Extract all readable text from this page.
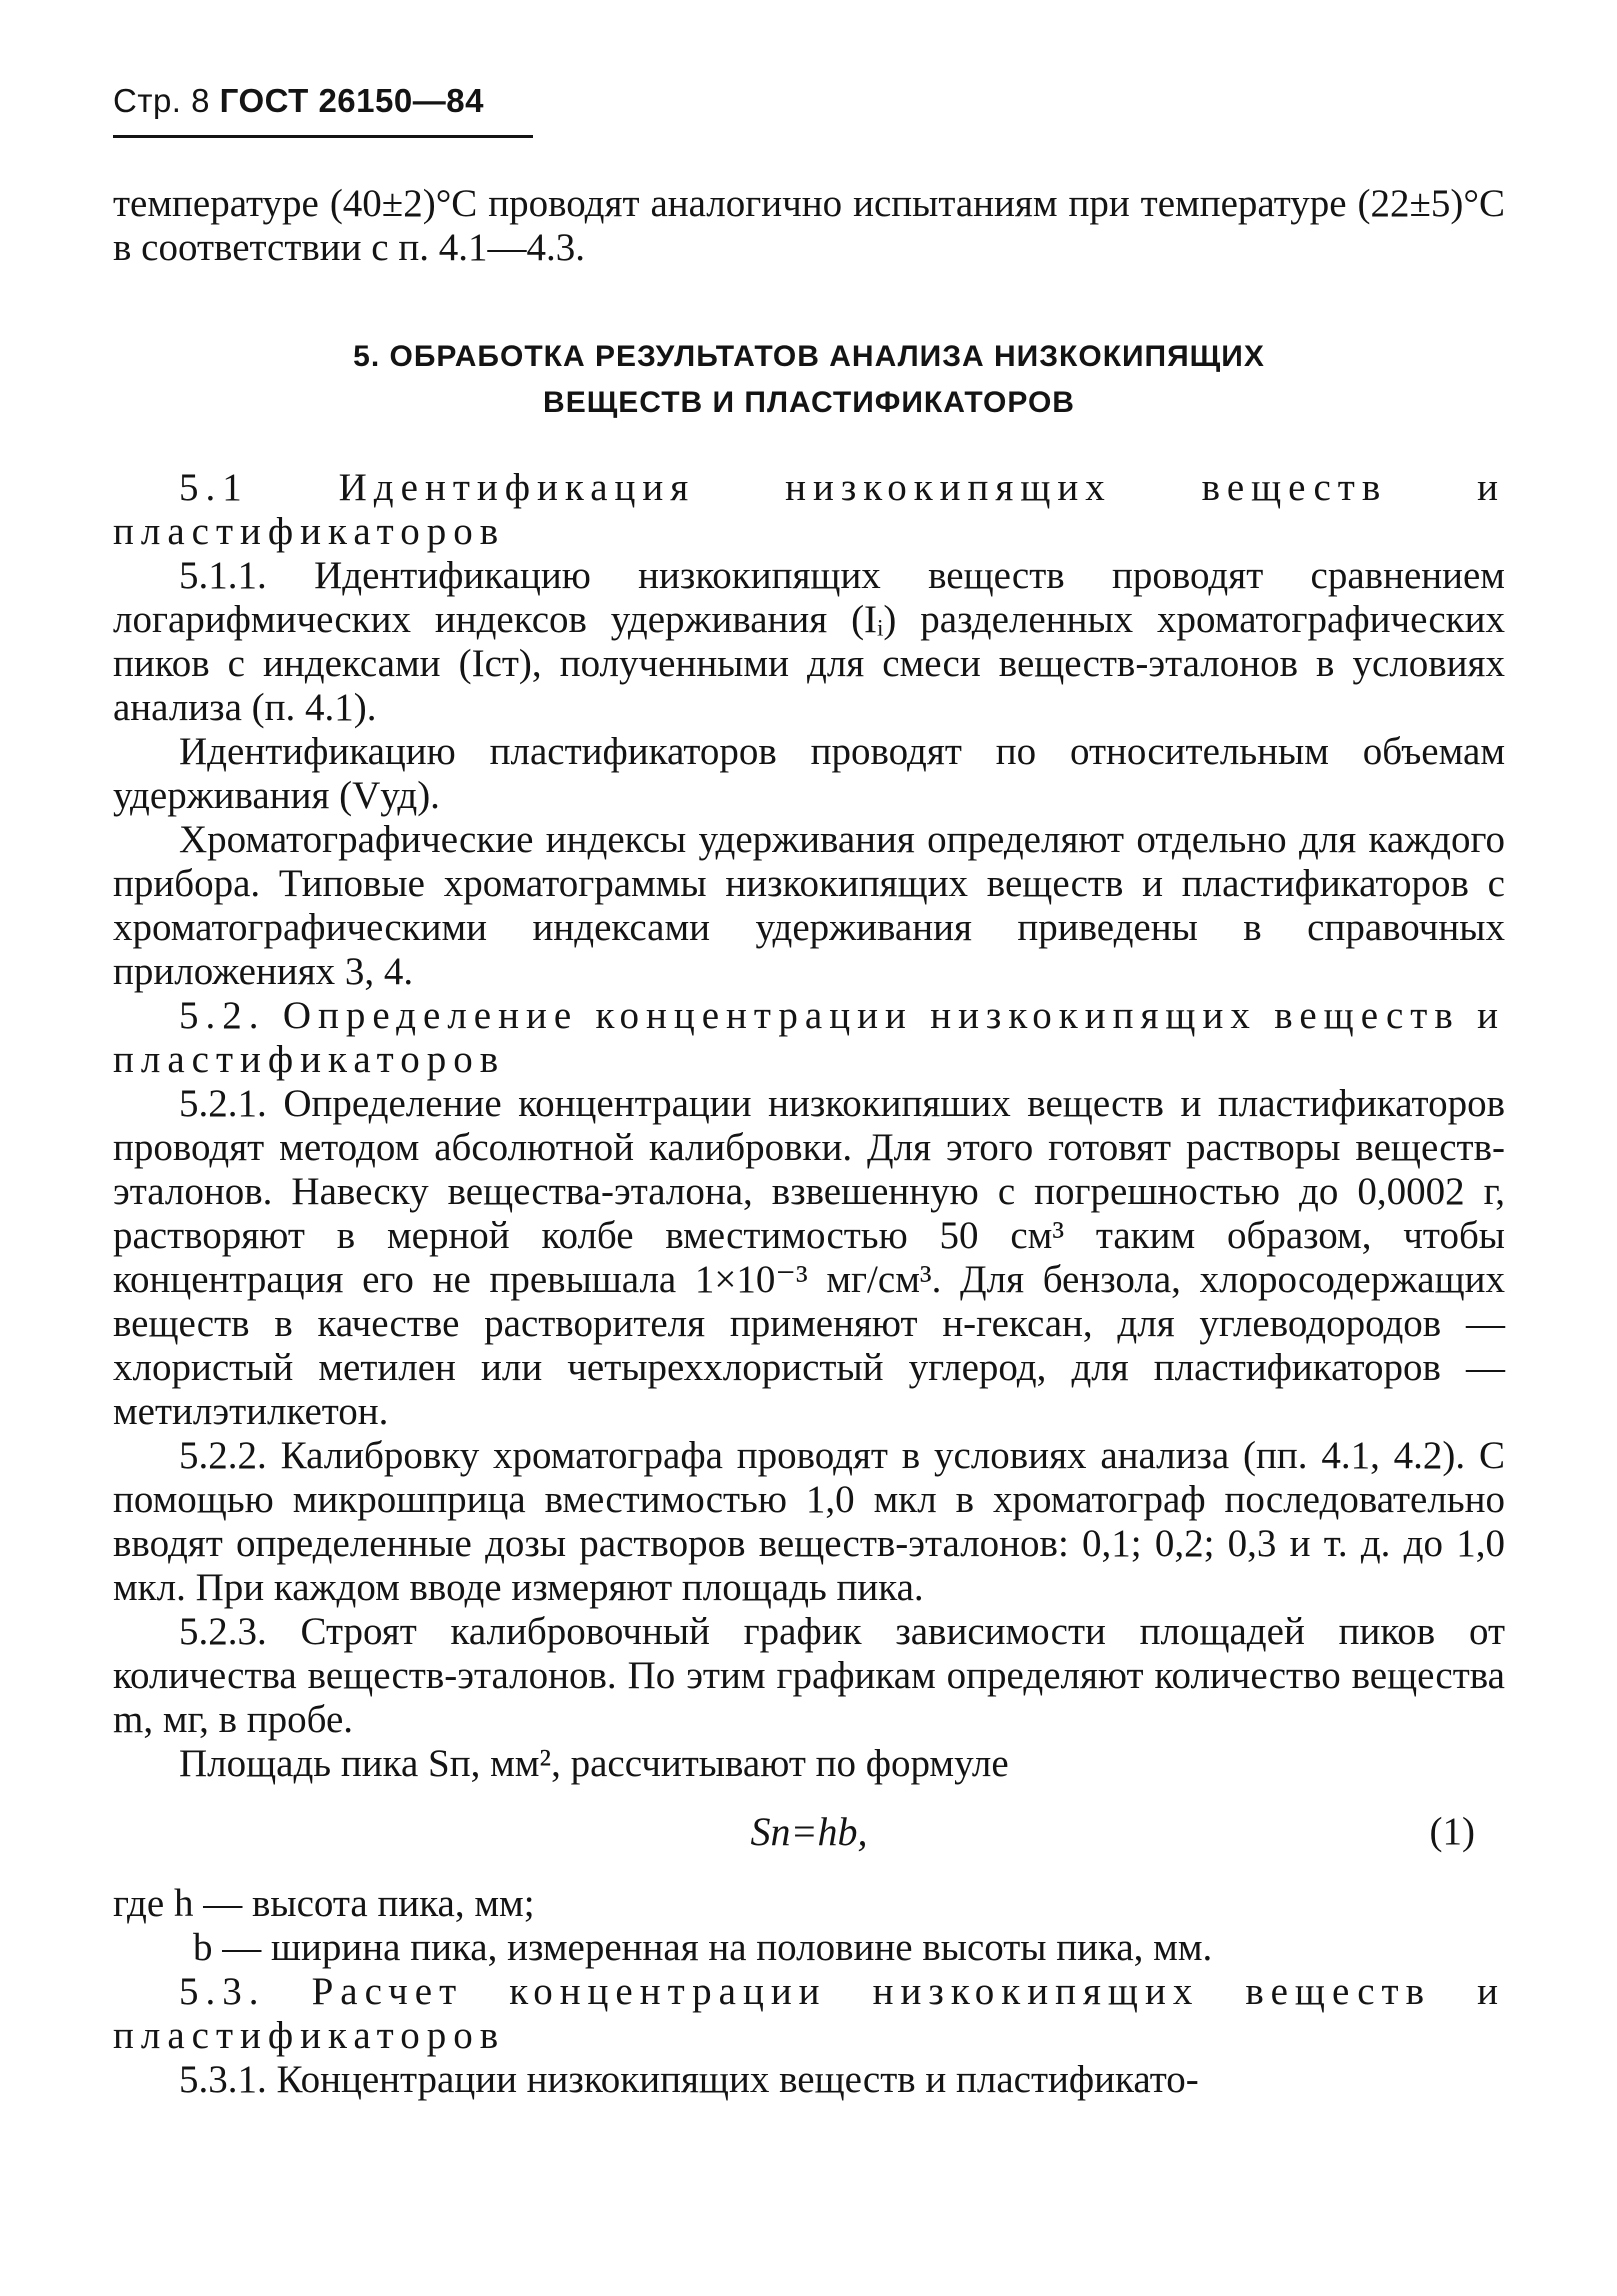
Стр. 8 ГОСТ 26150—84

температуре (40±2)°С проводят аналогично испытаниям при температуре (22±5)°С в соответствии с п. 4.1—4.3.

5. ОБРАБОТКА РЕЗУЛЬТАТОВ АНАЛИЗА НИЗКОКИПЯЩИХ
ВЕЩЕСТВ И ПЛАСТИФИКАТОРОВ

5.1 Идентификация низкокипящих веществ и пластификаторов

5.1.1. Идентификацию низкокипящих веществ проводят сравнением логарифмических индексов удерживания (Iᵢ) разделенных хроматографических пиков с индексами (Iст), полученными для смеси веществ-эталонов в условиях анализа (п. 4.1).

Идентификацию пластификаторов проводят по относительным объемам удерживания (Vуд).

Хроматографические индексы удерживания определяют отдельно для каждого прибора. Типовые хроматограммы низкокипящих веществ и пластификаторов с хроматографическими индексами удерживания приведены в справочных приложениях 3, 4.

5.2. Определение концентрации низкокипящих веществ и пластификаторов

5.2.1. Определение концентрации низкокипяших веществ и пластификаторов проводят методом абсолютной калибровки. Для этого готовят растворы веществ-эталонов. Навеску вещества-эталона, взвешенную с погрешностью до 0,0002 г, растворяют в мерной колбе вместимостью 50 см³ таким образом, чтобы концентрация его не превышала 1×10⁻³ мг/см³. Для бензола, хлоросодержащих веществ в качестве растворителя применяют н-гексан, для углеводородов — хлористый метилен или четыреххлористый углерод, для пластификаторов — метилэтилкетон.

5.2.2. Калибровку хроматографа проводят в условиях анализа (пп. 4.1, 4.2). С помощью микрошприца вместимостью 1,0 мкл в хроматограф последовательно вводят определенные дозы растворов веществ-эталонов: 0,1; 0,2; 0,3 и т. д. до 1,0 мкл. При каждом вводе измеряют площадь пика.

5.2.3. Строят калибровочный график зависимости площадей пиков от количества веществ-эталонов. По этим графикам определяют количество вещества m, мг, в пробе.

Площадь пика Sп, мм², рассчитывают по формуле

Sп=hb,	(1)

где h — высота пика, мм;

b — ширина пика, измеренная на половине высоты пика, мм.

5.3. Расчет концентрации низкокипящих веществ и пластификаторов

5.3.1. Концентрации низкокипящих веществ и пластификато-
